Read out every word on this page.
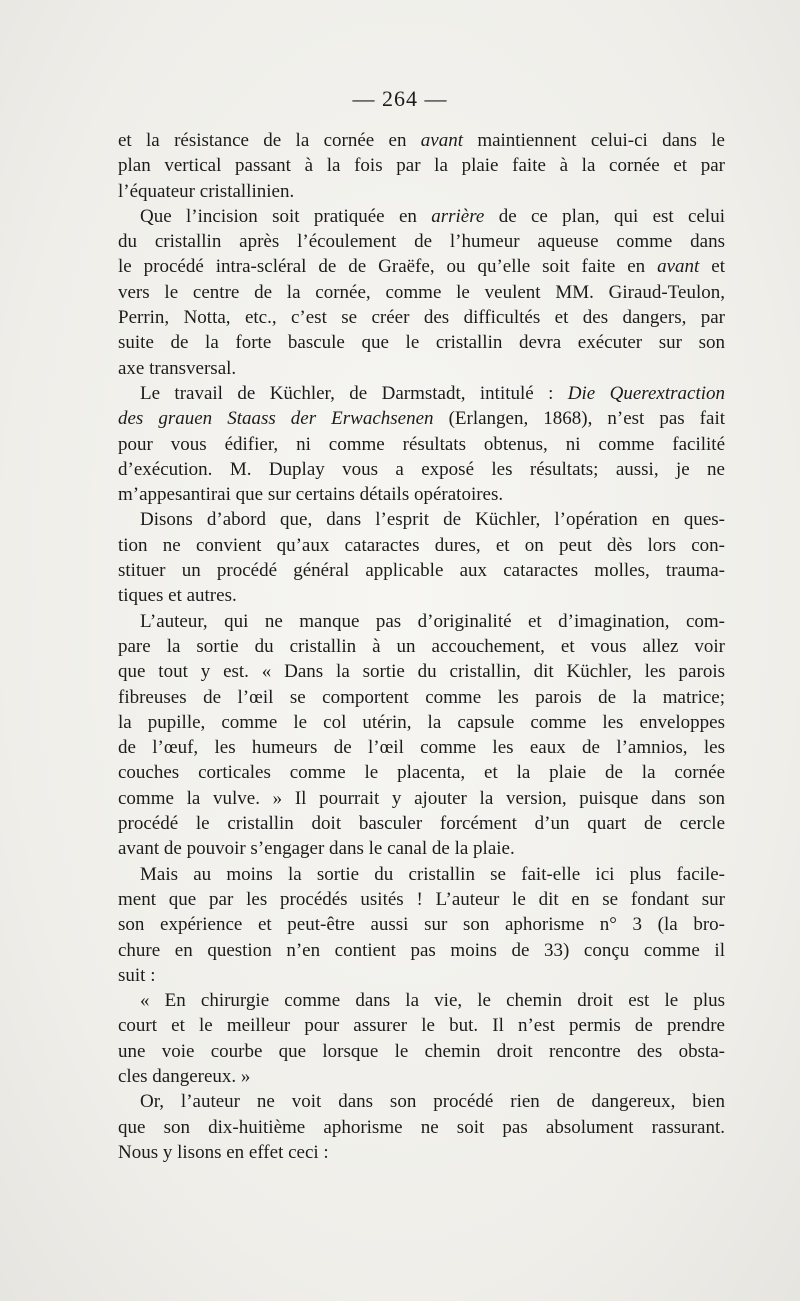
— 264 —
et la résistance de la cornée en avant maintiennent celui-ci dans le
plan vertical passant à la fois par la plaie faite à la cornée et par
l’équateur cristallinien.
Que l’incision soit pratiquée en arrière de ce plan, qui est celui
du cristallin après l’écoulement de l’humeur aqueuse comme dans
le procédé intra-scléral de de Graëfe, ou qu’elle soit faite en avant et
vers le centre de la cornée, comme le veulent MM. Giraud-Teulon,
Perrin, Notta, etc., c’est se créer des difficultés et des dangers, par
suite de la forte bascule que le cristallin devra exécuter sur son
axe transversal.
Le travail de Küchler, de Darmstadt, intitulé : Die Querextraction
des grauen Staass der Erwachsenen (Erlangen, 1868), n’est pas fait
pour vous édifier, ni comme résultats obtenus, ni comme facilité
d’exécution. M. Duplay vous a exposé les résultats; aussi, je ne
m’appesantirai que sur certains détails opératoires.
Disons d’abord que, dans l’esprit de Küchler, l’opération en ques-
tion ne convient qu’aux cataractes dures, et on peut dès lors con-
stituer un procédé général applicable aux cataractes molles, trauma-
tiques et autres.
L’auteur, qui ne manque pas d’originalité et d’imagination, com-
pare la sortie du cristallin à un accouchement, et vous allez voir
que tout y est. « Dans la sortie du cristallin, dit Küchler, les parois
fibreuses de l’œil se comportent comme les parois de la matrice;
la pupille, comme le col utérin, la capsule comme les enveloppes
de l’œuf, les humeurs de l’œil comme les eaux de l’amnios, les
couches corticales comme le placenta, et la plaie de la cornée
comme la vulve. » Il pourrait y ajouter la version, puisque dans son
procédé le cristallin doit basculer forcément d’un quart de cercle
avant de pouvoir s’engager dans le canal de la plaie.
Mais au moins la sortie du cristallin se fait-elle ici plus facile-
ment que par les procédés usités ! L’auteur le dit en se fondant sur
son expérience et peut-être aussi sur son aphorisme n° 3 (la bro-
chure en question n’en contient pas moins de 33) conçu comme il
suit :
« En chirurgie comme dans la vie, le chemin droit est le plus
court et le meilleur pour assurer le but. Il n’est permis de prendre
une voie courbe que lorsque le chemin droit rencontre des obsta-
cles dangereux. »
Or, l’auteur ne voit dans son procédé rien de dangereux, bien
que son dix-huitième aphorisme ne soit pas absolument rassurant.
Nous y lisons en effet ceci :
